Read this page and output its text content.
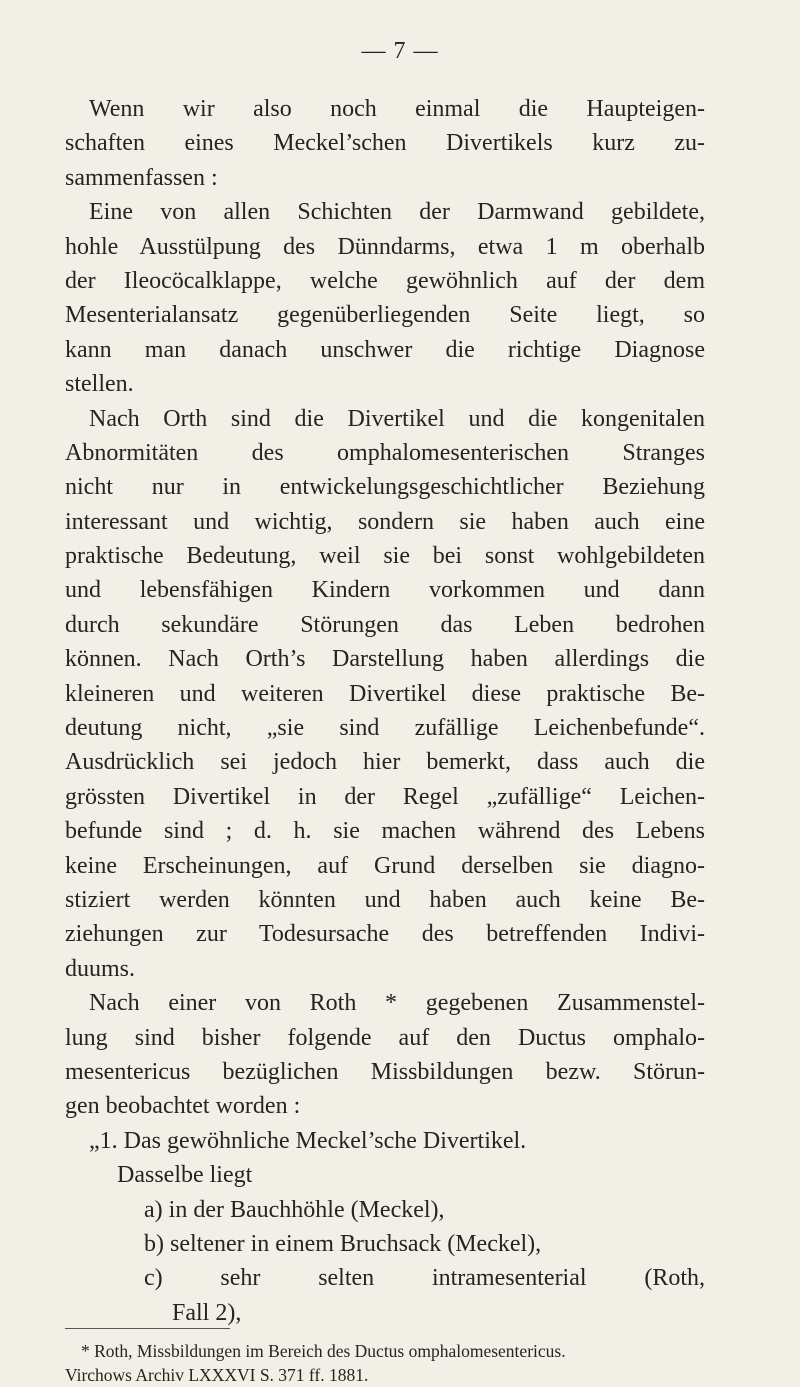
— 7 —
Wenn wir also noch einmal die Haupteigen-
schaften eines Meckel’schen Divertikels kurz zu-
sammenfassen :
Eine von allen Schichten der Darmwand gebildete,
hohle Ausstülpung des Dünndarms, etwa 1 m oberhalb
der Ileocöcalklappe, welche gewöhnlich auf der dem
Mesenterialansatz gegenüberliegenden Seite liegt, so
kann man danach unschwer die richtige Diagnose
stellen.
Nach Orth sind die Divertikel und die kongenitalen
Abnormitäten des omphalomesenterischen Stranges
nicht nur in entwickelungsgeschichtlicher Beziehung
interessant und wichtig, sondern sie haben auch eine
praktische Bedeutung, weil sie bei sonst wohlgebildeten
und lebensfähigen Kindern vorkommen und dann
durch sekundäre Störungen das Leben bedrohen
können. Nach Orth’s Darstellung haben allerdings die
kleineren und weiteren Divertikel diese praktische Be-
deutung nicht, „sie sind zufällige Leichenbefunde“.
Ausdrücklich sei jedoch hier bemerkt, dass auch die
grössten Divertikel in der Regel „zufällige“ Leichen-
befunde sind ; d. h. sie machen während des Lebens
keine Erscheinungen, auf Grund derselben sie diagno-
stiziert werden könnten und haben auch keine Be-
ziehungen zur Todesursache des betreffenden Indivi-
duums.
Nach einer von Roth * gegebenen Zusammenstel-
lung sind bisher folgende auf den Ductus omphalo-
mesentericus bezüglichen Missbildungen bezw. Störun-
gen beobachtet worden :
„1. Das gewöhnliche Meckel’sche Divertikel.
Dasselbe liegt
a) in der Bauchhöhle (Meckel),
b) seltener in einem Bruchsack (Meckel),
c) sehr selten intramesenterial (Roth,
Fall 2),
* Roth, Missbildungen im Bereich des Ductus omphalomesentericus.
Virchows Archiv LXXXVI S. 371 ff. 1881.
